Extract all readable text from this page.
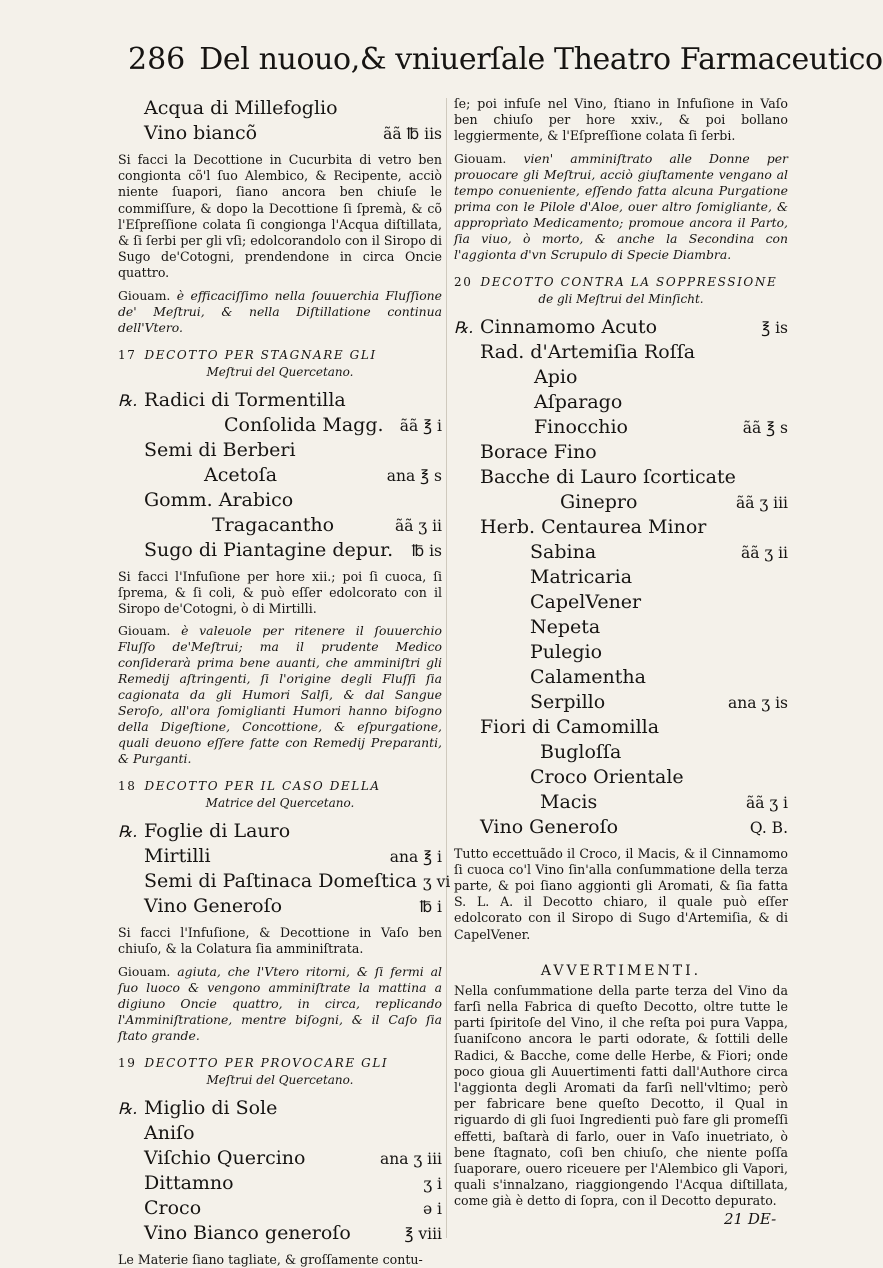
286 Del nuouo,& vniuerſale Theatro Farmaceutico
Acqua di Millefoglio
Vino biancõ	ãã ℔ iis

Si facci la Decottione in Cucurbita di vetro ben congionta cõ'l ſuo Alembico, & Recipente, acciò niente ſuapori, ſiano ancora ben chiuſe le commiſſure, & dopo la Decottione ſi ſpremà, & cõ l'Eſpreſſione colata ſi congionga l'Acqua diſtillata, & ſi ſerbi per gli vſi; edolcorandolo con il Siropo di Sugo de'Cotogni, prendendone in circa Oncie quattro.

Giouam. è efficaciſſimo nella ſouuerchia Fluſſione de' Meſtrui, & nella Diſtillatione continua dell'Vtero.

17 DECOTTO PER STAGNARE GLI
Meſtrui del Quercetano.
℞. Radici di Tormentilla
Conſolida Magg.	ãã ℥ i
Semi di Berberi
Acetoſa	ana ℥ s
Gomm. Arabico
Tragacantho	ãã ʒ ii
Sugo di Piantagine depur.	℔ is

Si facci l'Infuſione per hore xii.; poi ſi cuoca, ſi ſprema, & ſi coli, & può eſſer edolcorato con il Siropo de'Cotogni, ò di Mirtilli.

Giouam. è valeuole per ritenere il ſouuerchio Fluſſo de'Meſtrui; ma il prudente Medico conſiderarà prima bene auanti, che amminiſtri gli Remedij aſtringenti, ſi l'origine degli Fluſſi ſia cagionata da gli Humori Salſi, & dal Sangue Seroſo, all'ora ſomiglianti Humori hanno biſogno della Digeſtione, Concottione, & eſpurgatione, quali deuono eſſere fatte con Remedij Preparanti, & Purganti.

18 DECOTTO PER IL CASO DELLA
Matrice del Quercetano.
℞. Foglie di Lauro
Mirtilli	ana ℥ i
Semi di Paſtinaca Domeſtica ʒ vi
Vino Generoſo	℔ i

Si facci l'Infuſione, & Decottione in Vaſo ben chiuſo, & la Colatura ſia amminiſtrata.

Giouam. agiuta, che l'Vtero ritorni, & ſi fermi al ſuo luoco & vengono amminiſtrate la mattina a digiuno Oncie quattro, in circa, replicando l'Amminiſtratione, mentre biſogni, & il Caſo ſia ſtato grande.

19 DECOTTO PER PROVOCARE GLI
Meſtrui del Quercetano.
℞. Miglio di Sole
Aniſo
Viſchio Quercino	ana ʒ iii
Dittamno	ʒ i
Croco	ə i
Vino Bianco generoſo	℥ viii

Le Materie ſiano tagliate, & groſſamente contu-

ſe; poi infuſe nel Vino, ſtiano in Infuſione in Vaſo ben chiuſo per hore xxiv., & poi bollano leggiermente, & l'Eſpreſſione colata ſi ſerbi.

Giouam. vien' amminiſtrato alle Donne per prouocare gli Meſtrui, acciò giuſtamente vengano al tempo conueniente, eſſendo fatta alcuna Purgatione prima con le Pilole d'Aloe, ouer altro ſomigliante, & approprìato Medicamento; promoue ancora il Parto, ſia viuo, ò morto, & anche la Secondina con l'aggionta d'vn Scrupulo di Specie Diambra.

20 DECOTTO CONTRA LA SOPPRESSIONE
de gli Meſtrui del Minſicht.
℞. Cinnamomo Acuto	℥ is
Rad. d'Artemiſia Roſſa
Apio
Aſparago
Finocchio	ãã ℥ s
Borace Fino
Bacche di Lauro ſcorticate
Ginepro	ãã ʒ iii
Herb. Centaurea Minor
Sabina	ãã ʒ ii
Matricaria
CapelVener
Nepeta
Pulegio
Calamentha
Serpillo	ana ʒ is
Fiori di Camomilla
Bugloſſa
Croco Orientale
Macis	ãã ʒ i
Vino Generoſo	Q. B.

Tutto eccettuãdo il Croco, il Macis, & il Cinnamomo ſi cuoca co'l Vino ſin'alla conſummatione della terza parte, & poi ſiano aggionti gli Aromati, & ſia fatta S. L. A. il Decotto chiaro, il quale può eſſer edolcorato con il Siropo di Sugo d'Artemiſia, & di CapelVener.

AVVERTIMENTI.

Nella conſummatione della parte terza del Vino da farſi nella Fabrica di queſto Decotto, oltre tutte le parti ſpiritoſe del Vino, il che reſta poi pura Vappa, ſuaniſcono ancora le parti odorate, & ſottili delle Radici, & Bacche, come delle Herbe, & Fiori; onde poco gioua gli Auuertimenti fatti dall'Authore circa l'aggionta degli Aromati da farſi nell'vltimo; però per fabricare bene queſto Decotto, il Qual in riguardo di gli ſuoi Ingredienti può fare gli promeſſi effetti, baſtarà di farlo, ouer in Vaſo inuetriato, ò bene ſtagnato, coſi ben chiuſo, che niente poſſa ſuaporare, ouero riceuere per l'Alembico gli Vapori, quali s'innalzano, riaggiongendo l'Acqua diſtillata, come già è detto di ſopra, con il Decotto depurato.

21 DE-
